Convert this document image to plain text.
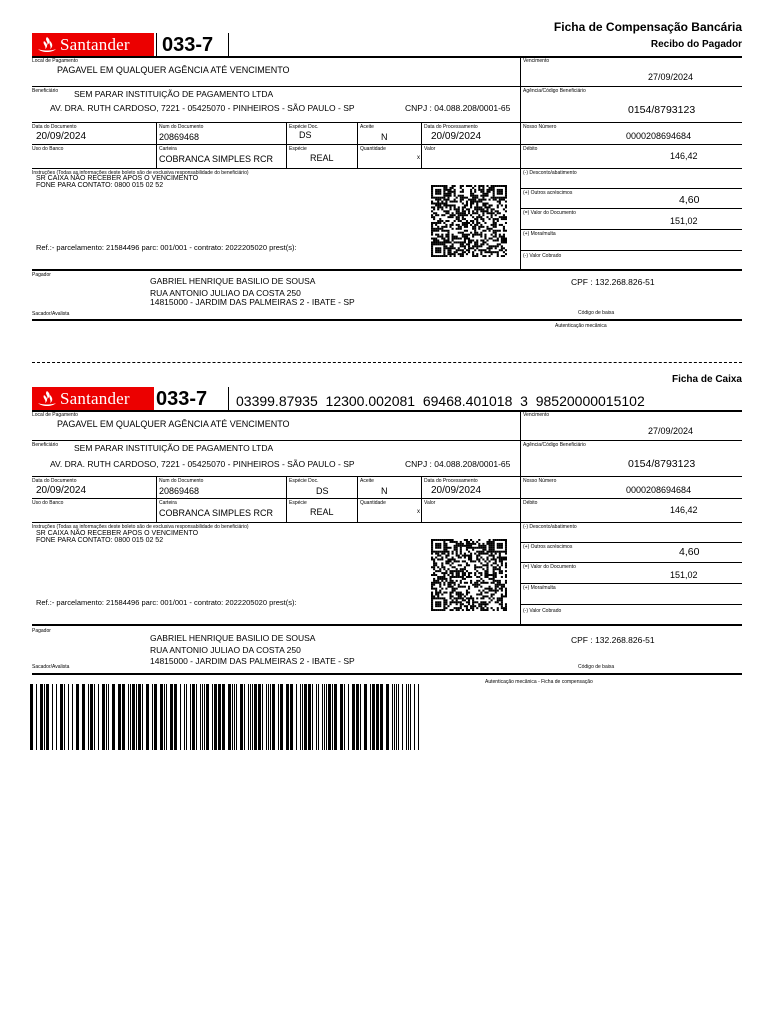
Ficha de Compensação Bancária
Recibo do Pagador
Santander 033-7
Local de Pagamento
PAGAVEL EM QUALQUER AGÊNCIA ATÉ VENCIMENTO
Vencimento
27/09/2024
Beneficiário SEM PARAR INSTITUIÇÃO DE PAGAMENTO LTDA
AV. DRA. RUTH CARDOSO, 7221 - 05425070 - PINHEIROS - SÃO PAULO - SP	CNPJ : 04.088.208/0001-65
Agência/Código Beneficiário
0154/8793123
Data do Documento
20/09/2024
Num do Documento
20869468
Espécie Doc.
DS
Aceite
N
Data do Processamento
20/09/2024
Nosso Número
0000208694684
Uso do Banco	Carteira
COBRANCA SIMPLES RCR
Espécie
REAL
Quantidade	Valor
x
Débito
146,42
Instruções (Todas as informações deste boleto são de exclusiva responsabilidade do beneficiário)
SR CAIXA NÃO RECEBER APOS O VENCIMENTO
FONE PARA CONTATO: 0800 015 02 52
Ref.:- parcelamento: 21584496 parc: 001/001 - contrato: 2022205020 prest(s):
(-) Desconto/abatimento
(+) Outros acréscimos
4,60
(=) Valor do Documento
151,02
(+) Mora/multa
(-) Valor Cobrado
Pagador
GABRIEL HENRIQUE BASILIO DE SOUSA
RUA ANTONIO JULIAO DA COSTA 250
14815000 - JARDIM DAS PALMEIRAS 2 - IBATE - SP
CPF : 132.268.826-51
Sacador/Avalista	Código de baixa
Autenticação mecânica
Ficha de Caixa
Santander 033-7 03399.87935  12300.002081  69468.401018  3  98520000015102
Local de Pagamento
PAGAVEL EM QUALQUER AGÊNCIA ATÉ VENCIMENTO
Vencimento
27/09/2024
Beneficiário SEM PARAR INSTITUIÇÃO DE PAGAMENTO LTDA
AV. DRA. RUTH CARDOSO, 7221 - 05425070 - PINHEIROS - SÃO PAULO - SP	CNPJ : 04.088.208/0001-65
Agência/Código Beneficiário
0154/8793123
Data do Documento
20/09/2024
Num do Documento
20869468
Espécie Doc.
DS
Aceite
N
Data do Processamento
20/09/2024
Nosso Número
0000208694684
Uso do Banco	Carteira
COBRANCA SIMPLES RCR
Espécie
REAL
Quantidade	Valor
x
Débito
146,42
Instruções (Todas as informações deste boleto são de exclusiva responsabilidade do beneficiário)
SR CAIXA NÃO RECEBER APOS O VENCIMENTO
FONE PARA CONTATO: 0800 015 02 52
Ref.:- parcelamento: 21584496 parc: 001/001 - contrato: 2022205020 prest(s):
(-) Desconto/abatimento
(+) Outros acréscimos	4,60
(=) Valor do Documento
151,02
(+) Mora/multa
(-) Valor Cobrado
Pagador
GABRIEL HENRIQUE BASILIO DE SOUSA
RUA ANTONIO JULIAO DA COSTA 250
14815000 - JARDIM DAS PALMEIRAS 2 - IBATE - SP
CPF : 132.268.826-51
Sacador/Avalista	Código de baixa
Autenticação mecânica - Ficha de compensação
